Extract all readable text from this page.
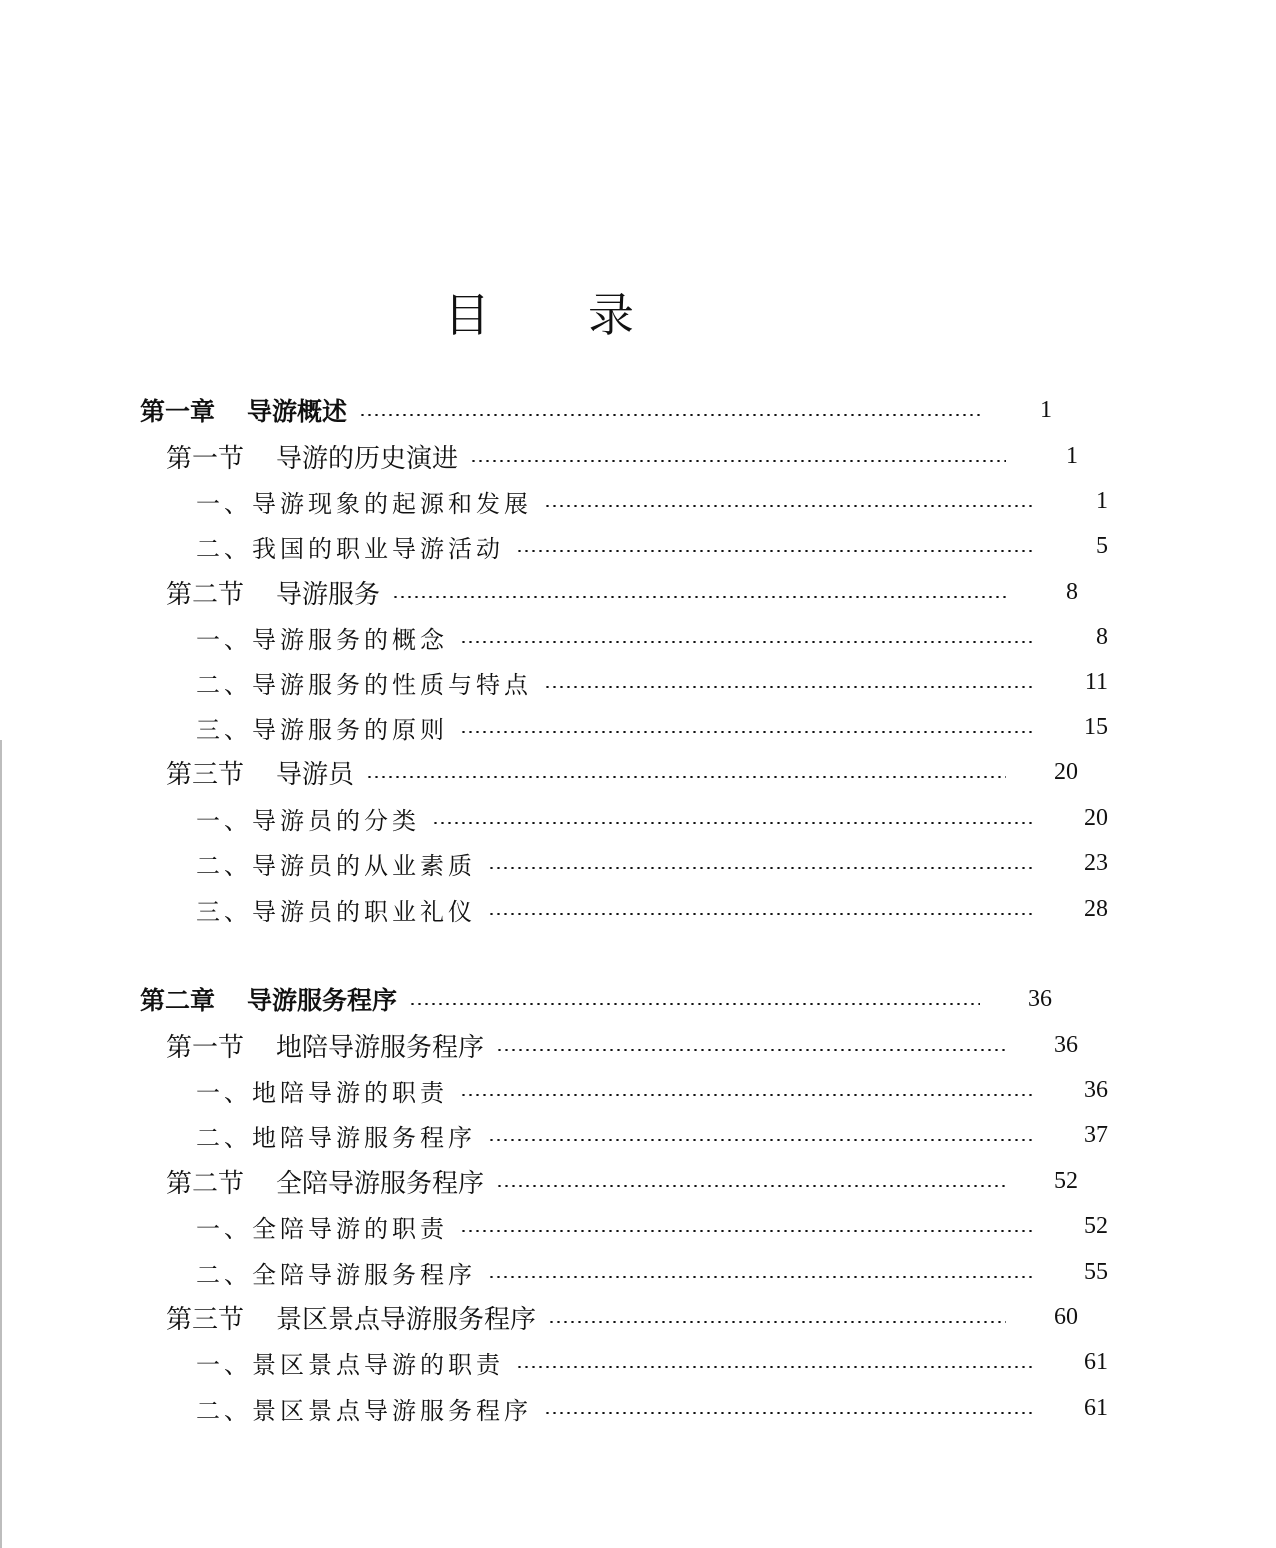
目 录
第一章 导游概述	1
第一节 导游的历史演进	1
一、导游现象的起源和发展	1
二、我国的职业导游活动	5
第二节 导游服务	8
一、导游服务的概念	8
二、导游服务的性质与特点	11
三、导游服务的原则	15
第三节 导游员	20
一、导游员的分类	20
二、导游员的从业素质	23
三、导游员的职业礼仪	28
第二章 导游服务程序	36
第一节 地陪导游服务程序	36
一、地陪导游的职责	36
二、地陪导游服务程序	37
第二节 全陪导游服务程序	52
一、全陪导游的职责	52
二、全陪导游服务程序	55
第三节 景区景点导游服务程序	60
一、景区景点导游的职责	61
二、景区景点导游服务程序	61
